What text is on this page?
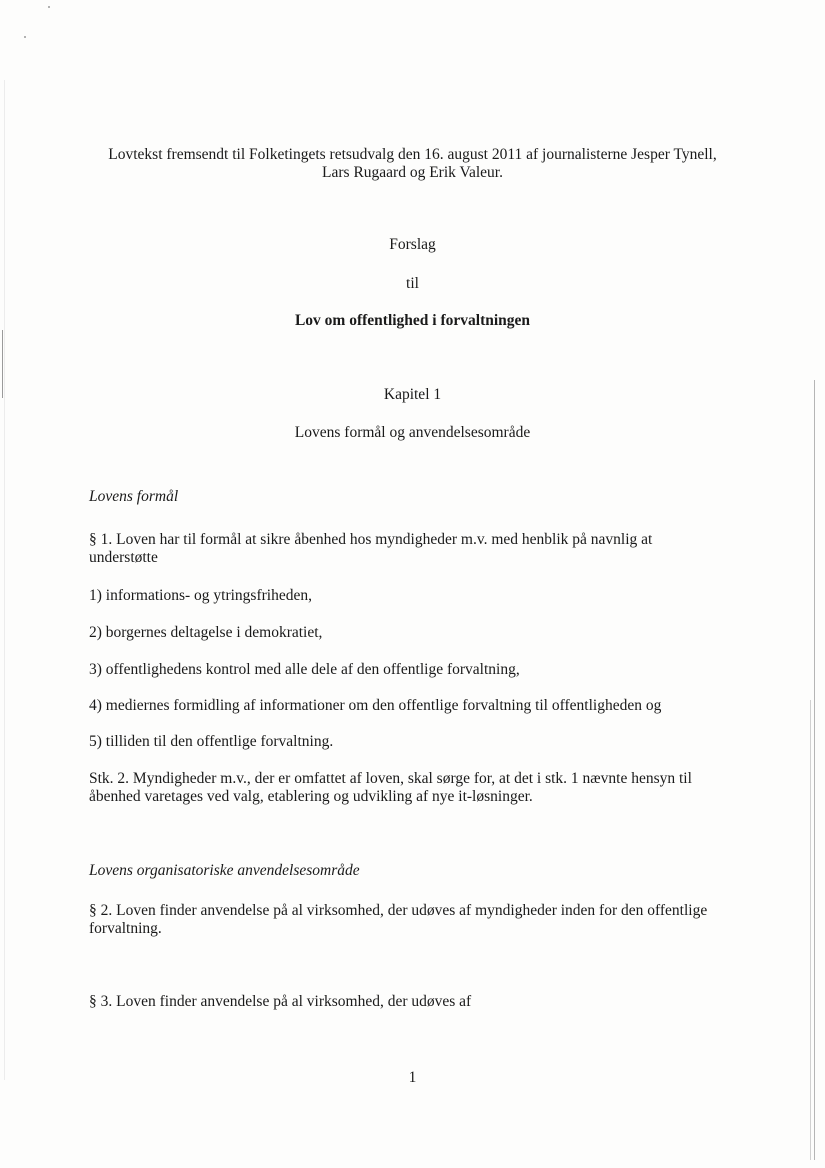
Lovtekst fremsendt til Folketingets retsudvalg den 16. august 2011 af journalisterne Jesper Tynell,

Lars Rugaard og Erik Valeur.

Forslag

til

Lov om offentlighed i forvaltningen

Kapitel 1

Lovens formål og anvendelsesområde

Lovens formål

§ 1. Loven har til formål at sikre åbenhed hos myndigheder m.v. med henblik på navnlig at

understøtte

1) informations- og ytringsfriheden,

2) borgernes deltagelse i demokratiet,

3) offentlighedens kontrol med alle dele af den offentlige forvaltning,

4) mediernes formidling af informationer om den offentlige forvaltning til offentligheden og

5) tilliden til den offentlige forvaltning.

Stk. 2. Myndigheder m.v., der er omfattet af loven, skal sørge for, at det i stk. 1 nævnte hensyn til

åbenhed varetages ved valg, etablering og udvikling af nye it-løsninger.

Lovens organisatoriske anvendelsesområde

§ 2. Loven finder anvendelse på al virksomhed, der udøves af myndigheder inden for den offentlige

forvaltning.

§ 3. Loven finder anvendelse på al virksomhed, der udøves af

1
